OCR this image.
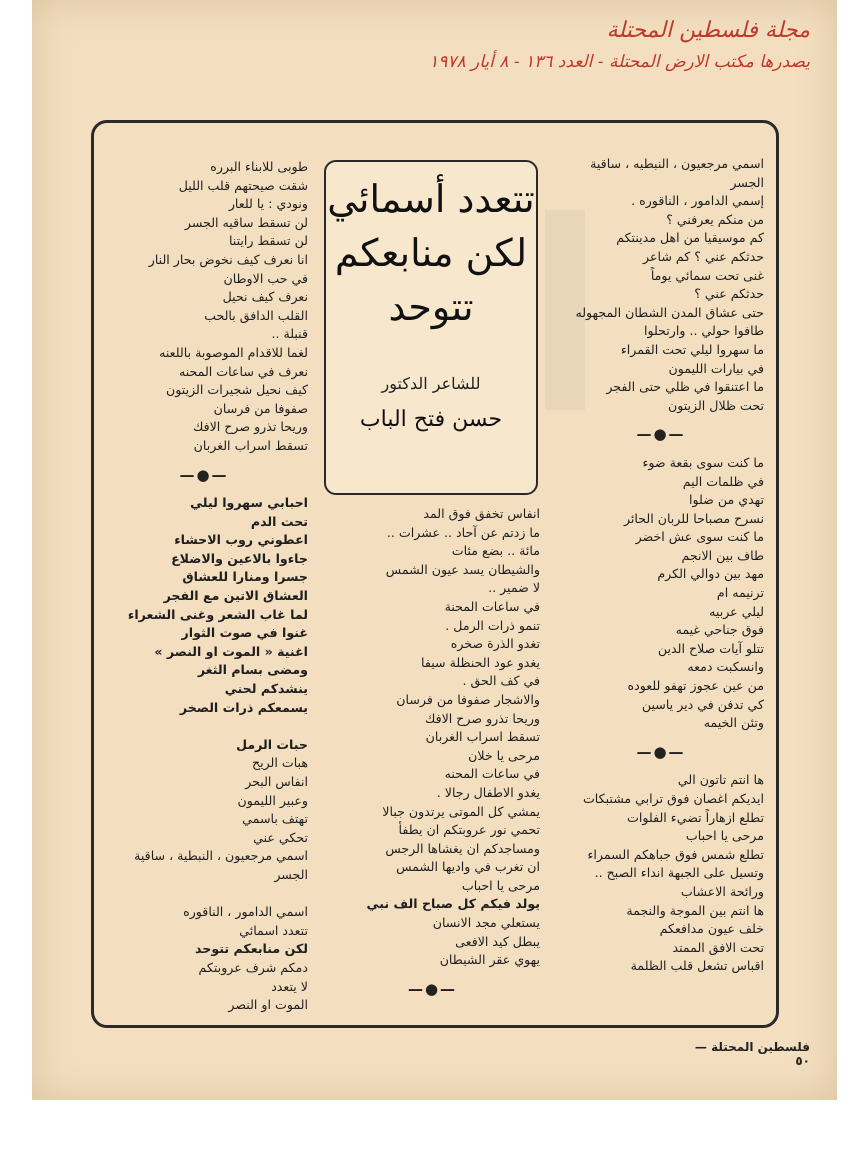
مجلة فلسطين المحتلة
يصدرها مكتب الارض المحتلة - العدد ١٣٦ - ٨ أيار ١٩٧٨
اسمي مرجعيون ، النبطيه ، ساقية
الجسر
إسمي الدامور ، الناقوره .
من منكم يعرفني ؟
كم موسيقيا من اهل مدينتكم
حدثكم عني ؟ كم شاعر
غنى تحت سمائي يوماً
حدثكم عني ؟
حتى عشاق المدن الشطان المجهوله
طافوا حولي .. وارتحلوا
ما سهروا ليلي تحت القمراء
في بيارات الليمون
ما اعتنقوا في ظلي حتى الفجر
تحت ظلال الزيتون
—●—
ما كنت سوى بقعة ضوء
في ظلمات اليم
تهدي من ضلوا
نسرح مصباحا للربان الحائر
ما كنت سوى عش اخضر
طاف بين الانجم
مهد بين دوالي الكرم
ترنيمه ام
ليلي عربيه
فوق جناحي غيمه
تتلو آيات صلاح الدين
وانسكبت دمعه
من عين عجوز تهفو للعوده
كي تدفن في دير ياسين
وتئن الخيمه
—●—
ها انتم تاتون الي
ايديكم اغصان فوق ترابي مشتبكات
تطلع ازهاراً تضيء الفلوات
مرحى يا احباب
تطلع شمس فوق جباهكم السمراء
وتسيل على الجبهة انداء الصبح ..
ورائحة الاعشاب
ها انتم بين الموجة والنجمة
خلف عيون مدافعكم
تحت الافق الممتد
اقباس تشعل قلب الظلمة
طوبى للابناء البرره
شقت صيحتهم قلب الليل
ونودي : يا للعار
لن تسقط ساقيه الجسر
لن تسقط رايتنا
انا نعرف كيف نخوض بحار النار
في حب الاوطان
نعرف كيف نحيل
القلب الدافق بالحب
قنبلة ..
لغما للاقدام الموصوبة باللعنه
نعرف في ساعات المحنه
كيف نحيل شجيرات الزيتون
صفوفا من فرسان
وريحا تذرو صرح الافك
تسقط اسراب الغربان
—●—
احبابي سهروا ليلي
تحت الدم
اعطوني روب الاحشاء
جاءوا بالاعين والاضلاع
جسرا ومنارا للعشاق
العشاق الاتين مع الفجر
لما غاب الشعر وغنى الشعراء
غنوا في صوت الثوار
اغنية « الموت او النصر »
ومضى بسام الثغر
ينشدكم لحني
يسمعكم ذرات الصخر

حبات الرمل
هبات الريح
انفاس البحر
وعبير الليمون
تهتف باسمي
تحكي عني
اسمي مرجعيون ، النبطية ، ساقية
الجسر

اسمي الدامور ، الناقوره
تتعدد اسمائي
لكن منابعكم تتوحد
دمكم شرف عروبتكم
لا يتعدد
الموت او النصر
انفاس تخفق فوق المد
ما زدتم عن آحاد .. عشرات ..
مائة .. بضع مئات
والشيطان يسد عيون الشمس
لا ضمير ..
في ساعات المحنة
تنمو ذرات الرمل .
تغدو الذرة صخره
يغدو عود الحنظلة سيفا
في كف الحق .
والاشجار صفوفا من فرسان
وريحا تذرو صرح الافك
تسقط اسراب الغربان
مرحى يا خلان
في ساعات المحنه
يغدو الاطفال رجالا .
يمشي كل الموتى يرتدون جبالا
تحمي نور عروبتكم ان يطفأ
ومساجدكم ان يغشاها الرجس
ان تغرب في واديها الشمس
مرحى يا احباب
يولد فيكم كل صباح الف نبي
يستعلي مجد الانسان
يبطل كيد الافعى
يهوي عقر الشيطان
—●—
تتعدد أسمائي
لكن منابعكم
تتوحد
للشاعر الدكتور
حسن فتح الباب
فلسطين المحتلة — ٥٠
